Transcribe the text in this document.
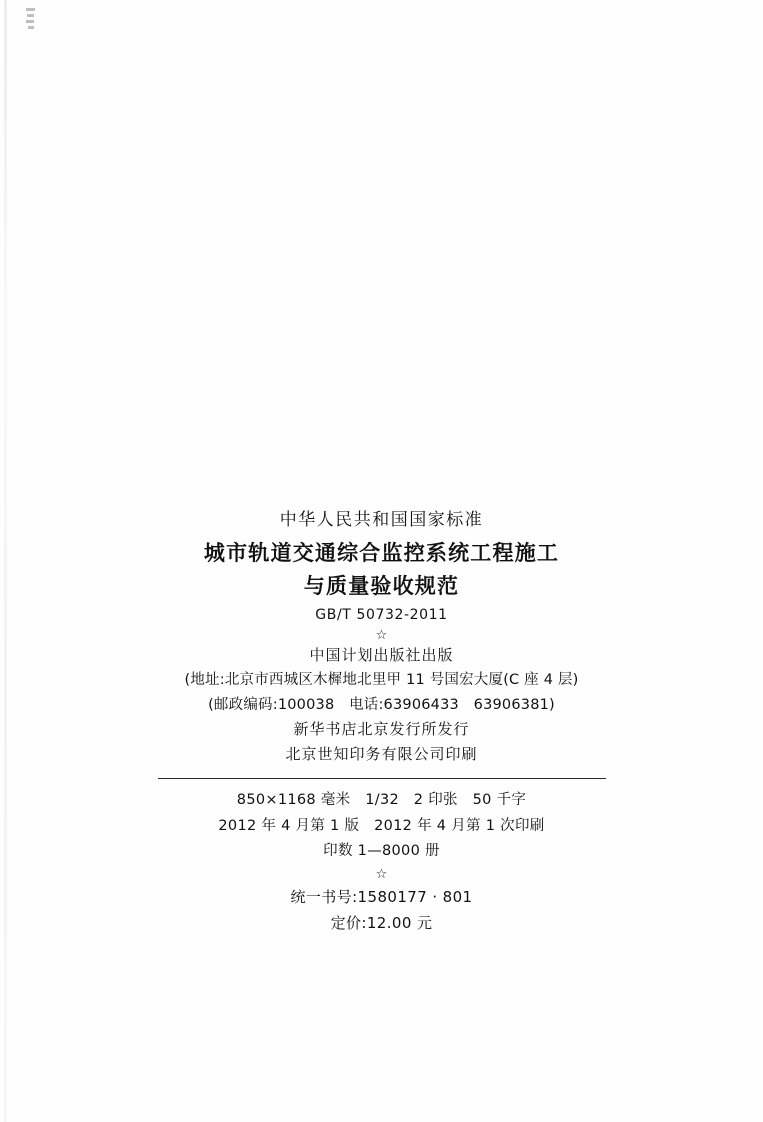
中华人民共和国国家标准
城市轨道交通综合监控系统工程施工
与质量验收规范
GB/T 50732-2011
☆
中国计划出版社出版
(地址:北京市西城区木樨地北里甲 11 号国宏大厦(C 座 4 层)
(邮政编码:100038　电话:63906433　63906381)
新华书店北京发行所发行
北京世知印务有限公司印刷
850×1168 毫米　1/32　2 印张　50 千字
2012 年 4 月第 1 版　2012 年 4 月第 1 次印刷
印数 1—8000 册
☆
统一书号:1580177 · 801
定价:12.00 元
